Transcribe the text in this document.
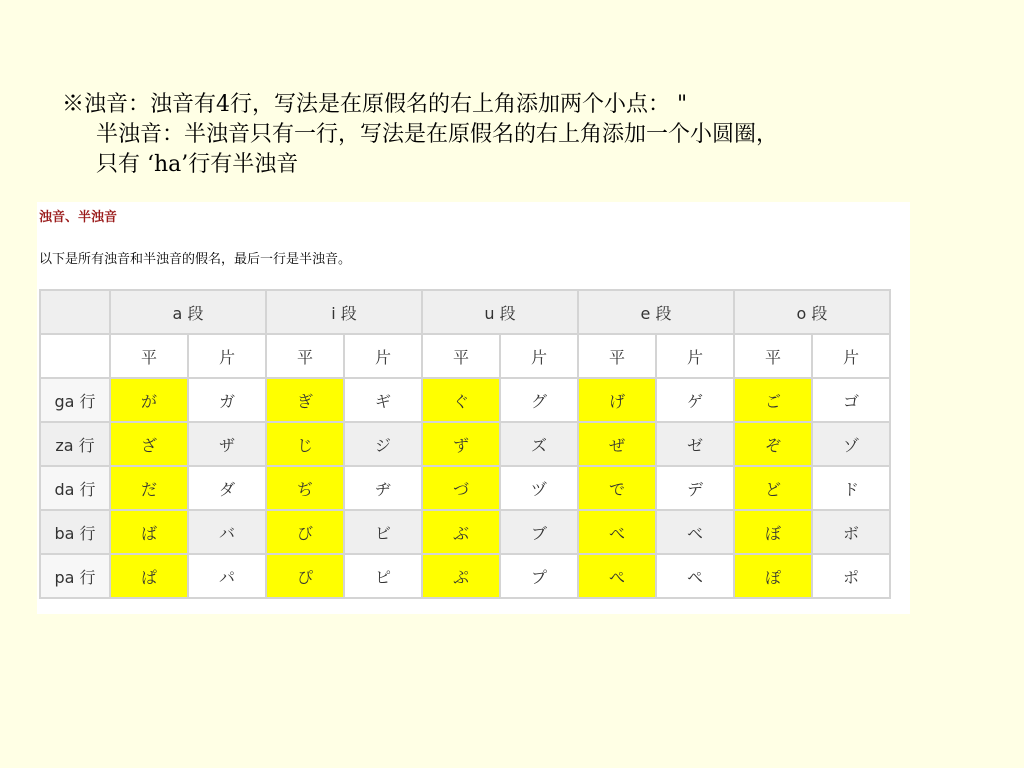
※浊音：浊音有4行，写法是在原假名的右上角添加两个小点： "
半浊音：半浊音只有一行，写法是在原假名的右上角添加一个小圆圈，
只有 ‘ha’行有半浊音
浊音、半浊音
以下是所有浊音和半浊音的假名，最后一行是半浊音。
	a 段		i 段		u 段		e 段		o 段	
	平	片	平	片	平	片	平	片	平	片
ga 行	が	ガ	ぎ	ギ	ぐ	グ	げ	ゲ	ご	ゴ
za 行	ざ	ザ	じ	ジ	ず	ズ	ぜ	ゼ	ぞ	ゾ
da 行	だ	ダ	ぢ	ヂ	づ	ヅ	で	デ	ど	ド
ba 行	ば	バ	び	ビ	ぶ	ブ	べ	ベ	ぼ	ボ
pa 行	ぱ	パ	ぴ	ピ	ぷ	プ	ぺ	ペ	ぽ	ポ
